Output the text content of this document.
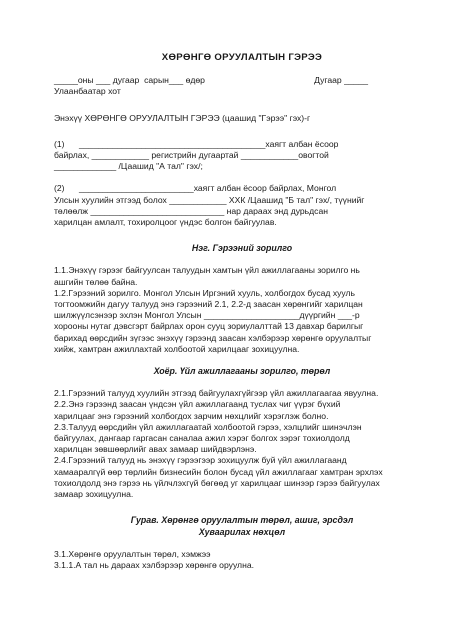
ХӨРӨНГӨ ОРУУЛАЛТЫН ГЭРЭЭ
_____оны ___ дугаар  сарын___ өдөр	Дугаар _____
Улаанбаатар хот
Энэхүү ХӨРӨНГӨ ОРУУЛАЛТЫН ГЭРЭЭ (цаашид "Гэрээ" гэх)-г
(1)	_______________________________________хаягт албан ёсоор
байрлах, ____________ регистрийн дугаартай ____________овогтой
_____________ /Цаашид "А тал" гэх/;
(2)	________________________хаягт албан ёсоор байрлах, Монгол
Улсын хуулийн этгээд болох ____________ ХХК /Цаашид "Б тал" гэх/, түүнийг
төлөөлж ____________________________ нар дараах энд дурьдсан
харилцан амлалт, тохиролцоог үндэс болгон байгуулав.
Нэг. Гэрээний зорилго
1.1.Энэхүү гэрээг байгуулсан талуудын хамтын үйл ажиллагааны зорилго нь
ашгийн төлөө байна.
1.2.Гэрээний зорилго. Монгол Улсын Иргэний хууль, холбогдох бусад хууль
тогтоомжийн дагуу талууд энэ гэрээний 2.1, 2.2-д заасан хөрөнгийг харилцан
шилжүүлсэнээр эхлэн Монгол Улсын ____________________дүүргийн ___-р
хорооны нутаг дэвсгэрт байрлах орон сууц зориулалттай 13 давхар барилгыг
барихад өөрсдийн зүгээс энэхүү гэрээнд заасан хэлбэрээр хөрөнгө оруулалтыг
хийж, хамтран ажиллахтай холбоотой харилцааг зохицуулна.
Хоёр. Үйл ажиллагааны зорилго, төрөл
2.1.Гэрээний талууд хуулийн этгээд байгуулахгүйгээр үйл ажиллагаагаа явуулна.
2.2.Энэ гэрээнд заасан үндсэн үйл ажиллагаанд туслах чиг үүрэг бүхий
харилцааг энэ гэрээний холбогдох зарчим нөхцлийг хэрэглэж болно.
2.3.Талууд өөрсдийн үйл ажиллагаатай холбоотой гэрээ, хэлцлийг шинэчлэн
байгуулах, дангаар гаргасан саналаа ажил хэрэг болгох зэрэг тохиолдолд
харилцан зөвшөөрлийг авах замаар шийдвэрлэнэ.
2.4.Гэрээний талууд нь энэхүү гэрээгээр зохицуулж буй үйл ажиллагаанд
хамааралгүй өөр төрлийн бизнесийн болон бусад үйл ажиллагааг хамтран эрхлэх
тохиолдолд энэ гэрээ нь үйлчлэхгүй бөгөөд уг харилцааг шинээр гэрээ байгуулах
замаар зохицуулна.
Гурав. Хөрөнгө оруулалтын төрөл, ашиг, эрсдэл
Хуваарилах нөхцөл
3.1.Хөрөнгө оруулалтын төрөл, хэмжээ
3.1.1.А тал нь дараах хэлбэрээр хөрөнгө оруулна.
